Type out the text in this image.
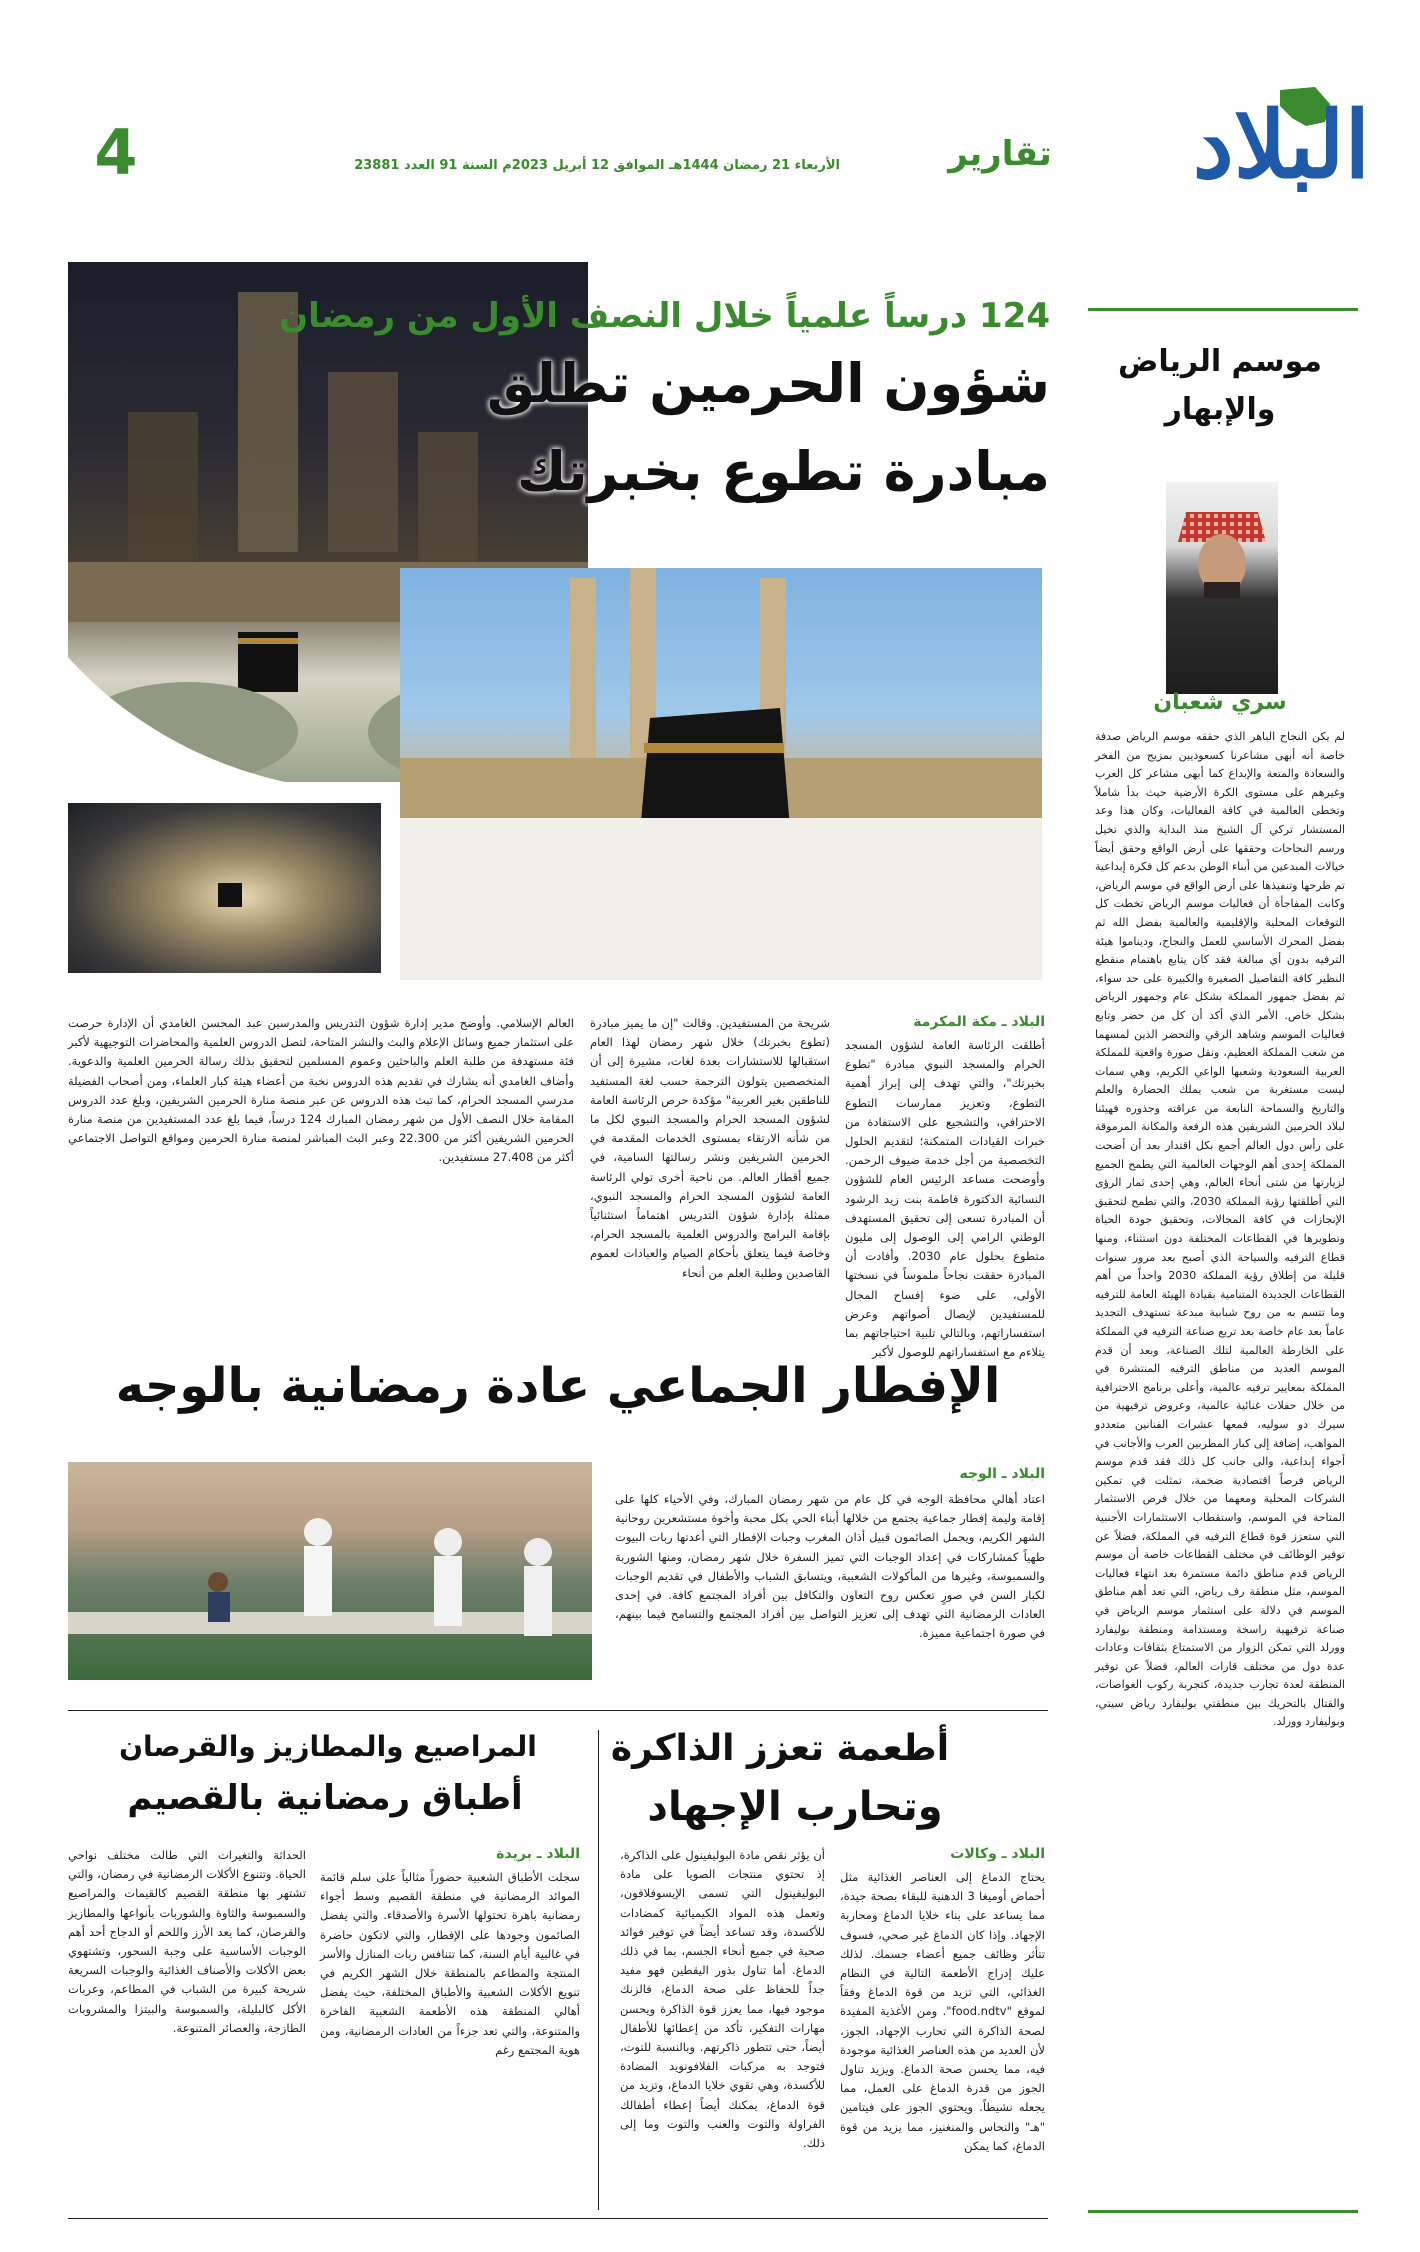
البلاد
تقارير
الأربعاء 21 رمضان 1444هـ الموافق 12 أبريل 2023م السنة 91 العدد 23881
4
124 درساً علمياً خلال النصف الأول من رمضان
شؤون الحرمين تطلق
مبادرة تطوع بخبرتك
البلاد ـ مكة المكرمة

أطلقت الرئاسة العامة لشؤون المسجد الحرام والمسجد النبوي مبادرة "تطوع بخبرتك"، والتي تهدف إلى إبراز أهمية التطوع، وتعزيز ممارسات التطوع الاحترافي، والتشجيع على الاستفادة من خبرات القيادات المتمكنة؛ لتقديم الحلول التخصصية من أجل خدمة ضيوف الرحمن. وأوضحت مساعد الرئيس العام للشؤون النسائية الدكتورة فاطمة بنت زيد الرشود أن المبادرة تسعى إلى تحقيق المستهدف الوطني الرامي إلى الوصول إلى مليون متطوع بحلول عام 2030. وأفادت أن المبادرة حققت نجاحاً ملموساً في نسختها الأولى، على ضوء إفساح المجال للمستفيدين لإيصال أصواتهم وعرض استفساراتهم، وبالتالي تلبية احتياجاتهم بما يتلاءم مع استفساراتهم للوصول لأكبر

شريحة من المستفيدين. وقالت "إن ما يميز مبادرة (تطوع بخبرتك) خلال شهر رمضان لهذا العام استقبالها للاستشارات بعدة لغات، مشيرة إلى أن المتخصصين يتولون الترجمة حسب لغة المستفيد للناطقين بغير العربية" مؤكدة حرص الرئاسة العامة لشؤون المسجد الحرام والمسجد النبوي لكل ما من شأنه الارتقاء بمستوى الخدمات المقدمة في الحرمين الشريفين ونشر رسالتها السامية، في جميع أقطار العالم. من ناحية أخرى تولي الرئاسة العامة لشؤون المسجد الحرام والمسجد النبوي، ممثلة بإدارة شؤون التدريس اهتماماً استثنائياً بإقامة البرامج والدروس العلمية بالمسجد الحرام، وخاصة فيما يتعلق بأحكام الصيام والعبادات لعموم القاصدين وطلبة العلم من أنحاء

العالم الإسلامي. وأوضح مدير إدارة شؤون التدريس والمدرسين عبد المحسن الغامدي أن الإدارة حرصت على استثمار جميع وسائل الإعلام والبث والنشر المتاحة، لتصل الدروس العلمية والمحاضرات التوجيهية لأكبر فئة مستهدفة من طلبة العلم والباحثين وعموم المسلمين لتحقيق بذلك رسالة الحرمين العلمية والدعوية. وأضاف الغامدي أنه يشارك في تقديم هذه الدروس نخبة من أعضاء هيئة كبار العلماء، ومن أصحاب الفضيلة مدرسي المسجد الحرام، كما تبث هذه الدروس عن عبر منصة منارة الحرمين الشريفين، وبلغ عدد الدروس المقامة خلال النصف الأول من شهر رمضان المبارك 124 درساً، فيما بلغ عدد المستفيدين من منصة منارة الحرمين الشريفين أكثر من 22.300 وعبر البث المباشر لمنصة منارة الحرمين ومواقع التواصل الاجتماعي أكثر من 27.408 مستفيدين.

موسم الرياض والإبهار
سري شعبان

لم يكن النجاح الباهر الذي حققه موسم الرياض صدفة خاصة أنه أبهى مشاعرنا كسعوديين بمزيج من الفخر والسعادة والمتعة والإبداع كما أبهى مشاعر كل العرب وغيرهم على مستوى الكرة الأرضية حيث بدأ شاملاً وتخطى العالمية في كافة الفعاليات، وكان هذا وعد المستشار تركي آل الشيخ منذ البداية والذي تخيل ورسم النجاحات وحققها على أرض الواقع وحقق أيضاً خيالات المبدعين من أبناء الوطن بدعم كل فكرة إبداعية تم طرحها وتنفيذها على أرض الواقع في موسم الرياض، وكانت المفاجأة أن فعاليات موسم الرياض تخطت كل التوقعات المحلية والإقليمية والعالمية بفضل الله ثم بفضل المحرك الأساسي للعمل والنجاح، وديناموا هيئة الترفيه بدون أي مبالغة فقد كان يتابع باهتمام منقطع النظير كافة التفاصيل الصغيرة والكبيرة على حد سواء، ثم بفضل جمهور المملكة بشكل عام وجمهور الرياض بشكل خاص. الأمر الذي أكد أن كل من حضر وتابع فعاليات الموسم وشاهد الرقي والتحضر الذين لمسهما من شعب المملكة العظيم، ونقل صورة واقعية للمملكة العربية السعودية وشعبها الواعي الكريم، وهي سمات ليست مستغربة من شعب يملك الحضارة والعلم والتاريخ والسماحة النابعة من عراقته وجذوره فهيئنا لبلاد الحرمين الشريفين هذه الرفعة والمكانة المرموقة على رأس دول العالم أجمع بكل اقتدار بعد أن أضحت المملكة إحدى أهم الوجهات العالمية التي يطمح الجميع لزيارتها من شتى أنحاء العالم، وهي إحدى ثمار الرؤى التي أطلقتها رؤية المملكة 2030، والتي تطمح لتحقيق الإنجازات في كافة المجالات، وتحقيق جودة الحياة وتطويرها في القطاعات المختلفة دون استثناء، ومنها قطاع الترفيه والسياحة الذي أصبح بعد مرور سنوات قليلة من إطلاق رؤية المملكة 2030 واحداً من أهم القطاعات الجديدة المتنامية بقيادة الهيئة العامة للترفيه وما تتسم به من روح شبابية مبدعة تستهدف التجديد عاماً بعد عام خاصة بعد تربع صناعة الترفيه في المملكة على الخارطة العالمية لتلك الصناعة، وبعد أن قدم الموسم العديد من مناطق الترفيه المنتشرة في المملكة بمعايير ترفيه عالمية، وأعلى برنامج الاحترافية من خلال حفلات غنائية عالمية، وعروض ترفيهية من سيرك دو سوليه، فمعها عشرات الفنانين متعددو المواهب، إضافة إلى كبار المطربين العرب والأجانب في أجواء إبداعية، والى جانب كل ذلك فقد قدم موسم الرياض فرصاً اقتصادية ضخمة، تمثلت في تمكين الشركات المحلية ومعهما من خلال فرص الاستثمار المتاحة في الموسم، واستقطاب الاستثمارات الأجنبية التي ستعزز قوة قطاع الترفيه في المملكة، فضلاً عن توفير الوظائف في مختلف القطاعات خاصة أن موسم الرياض قدم مناطق دائمة مستمرة بعد انتهاء فعاليات الموسم، مثل منطقة رف رياض، التي تعد أهم مناطق الموسم في دلالة على استثمار موسم الرياض في صناعة ترفيهية راسخة ومستدامة ومنطقة بوليفارد وورلد التي تمكن الزوار من الاستمتاع بثقافات وعادات عدة دول من مختلف قارات العالم، فضلاً عن توفير المنطقة لعدة تجارب جديدة، كتجربة ركوب الغواصات، والقتال بالتحريك بين منطقتي بوليفارد رياض سيتي، وبوليفارد وورلد.

الإفطار الجماعي عادة رمضانية بالوجه
البلاد ـ الوجه

اعتاد أهالي محافظة الوجه في كل عام من شهر رمضان المبارك، وفي الأحياء كلها على إقامة وليمة إفطار جماعية يجتمع من خلالها أبناء الحي بكل محبة وأخوة مستشعرين روحانية الشهر الكريم، ويحمل الصائمون قبيل أذان المغرب وجبات الإفطار التي أعدتها ربات البيوت طهياً كمشاركات في إعداد الوجبات التي تميز السفرة خلال شهر رمضان، ومنها الشوربة والسمبوسة، وغيرها من المأكولات الشعبية، ويتسابق الشباب والأطفال في تقديم الوجبات لكبار السن في صورٍ تعكس روح التعاون والتكافل بين أفراد المجتمع كافة. في إحدى العادات الرمضانية التي تهدف إلى تعزيز التواصل بين أفراد المجتمع والتسامح فيما بينهم، في صورة اجتماعية مميزة.

أطعمة تعزز الذاكرة
وتحارب الإجهاد
البلاد ـ وكالات

يحتاج الدماغ إلى العناصر الغذائية مثل أحماض أوميغا 3 الدهنية للبقاء بصحة جيدة، مما يساعد على بناء خلايا الدماغ ومحاربة الإجهاد. وإذا كان الدماغ غير صحي، فسوف تتأثر وظائف جميع أعضاء جسمك. لذلك عليك إدراج الأطعمة التالية في النظام الغذائي، التي تزيد من قوة الدماغ وفقاً لموقع "food.ndtv". ومن الأغذية المفيدة لصحة الذاكرة التي تحارب الإجهاد، الجوز، لأن العديد من هذه العناصر الغذائية موجودة فيه، مما يحسن صحة الدماغ. ويزيد تناول الجوز من قدرة الدماغ على العمل، مما يجعله نشيطاً. ويحتوي الجوز على فيتامين "هـ" والنحاس والمنغنيز، مما يزيد من قوة الدماغ، كما يمكن

أن يؤثر نقص مادة البوليفينول على الذاكرة، إذ تحتوي منتجات الصويا على مادة البوليفينول التي تسمى الإيسوفلافون، وتعمل هذه المواد الكيميائية كمضادات للأكسدة، وقد تساعد أيضاً في توفير فوائد صحية في جميع أنحاء الجسم، بما في ذلك الدماغ. أما تناول بذور اليقطين فهو مفيد جداً للحفاظ على صحة الدماغ، فالزنك موجود فيها، مما يعزز قوة الذاكرة ويحسن مهارات التفكير، تأكد من إعطائها للأطفال أيضاً، حتى تتطور ذاكرتهم. وبالنسبة للتوت، فتوجد به مركبات الفلافونويد المضادة للأكسدة، وهي تقوي خلايا الدماغ، وتزيد من قوة الدماغ، يمكنك أيضاً إعطاء أطفالك الفراولة والتوت والعنب والتوت وما إلى ذلك.

المراصيع والمطازيز والقرصان
أطباق رمضانية بالقصيم
البلاد ـ بريدة

سجلت الأطباق الشعبية حضوراً مثالياً على سلم قائمة الموائد الرمضانية في منطقة القصيم وسط أجواء رمضانية باهرة تحتولها الأسرة والأصدقاء. والتي يفضل الصائمون وجودها على الإفطار، والتي لاتكون حاضرة في غالبية أيام السنة، كما تتنافس ربات المنازل والأسر المنتجة والمطاعم بالمنطقة خلال الشهر الكريم في تنويع الأكلات الشعبية والأطباق المختلفة، حيث يفضل أهالي المنطقة هذه الأطعمة الشعبية الفاخرة والمتنوعة، والتي تعد جزءاً من العادات الرمضانية، ومن هوية المجتمع رغم

الحداثة والتغيرات التي طالت مختلف نواحي الحياة. وتتنوع الأكلات الرمضانية في رمضان، والتي تشتهر بها منطقة القصيم كالقيمات والمراصيع والسمبوسة والثاوة والشوربات بأنواعها والمطازيز والقرصان، كما يعد الأرز واللحم أو الدجاج أحد أهم الوجبات الأساسية على وجبة السحور، وتشتهوي بعض الأكلات والأصناف الغذائية والوجبات السريعة شريحة كبيرة من الشباب في المطاعم، وعربات الأكل كالبليلة، والسمبوسة والبيتزا والمشروبات الطازجة، والعصائر المتنوعة.
